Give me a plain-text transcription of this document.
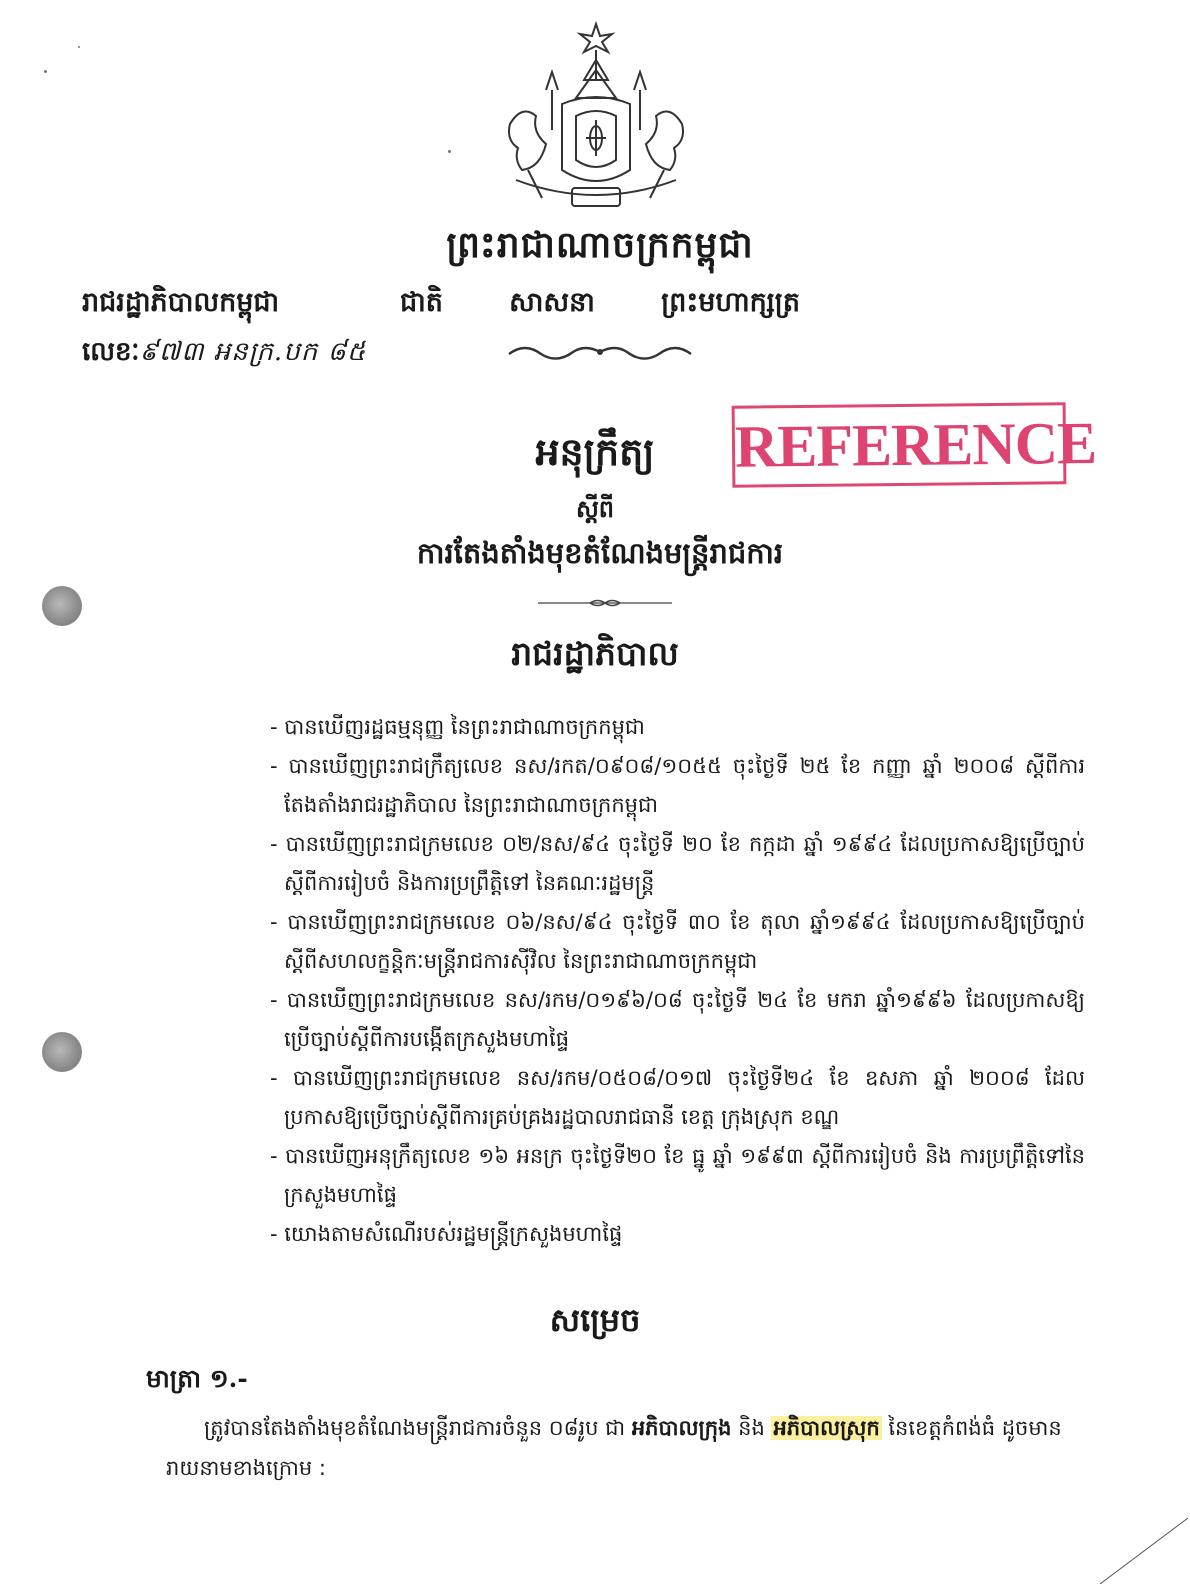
ព្រះរាជាណាចក្រកម្ពុជា
រាជរដ្ឋាភិបាលកម្ពុជា
លេខៈ៩៧៣ អនក្រ.បក ៨៥
ជាតិ សាសនា ព្រះមហាក្សត្រ
អនុក្រឹត្យ	REFERENCE
ស្តីពី
ការតែងតាំងមុខតំណែងមន្ត្រីរាជការ
រាជរដ្ឋាភិបាល
- បានឃើញរដ្ឋធម្មនុញ្ញ នៃព្រះរាជាណាចក្រកម្ពុជា
- បានឃើញព្រះរាជក្រឹត្យលេខ នស/រកត/០៩០៨/១០៥៥ ចុះថ្ងៃទី ២៥ ខែ កញ្ញា ឆ្នាំ ២០០៨ ស្តីពីការតែងតាំងរាជរដ្ឋាភិបាល នៃព្រះរាជាណាចក្រកម្ពុជា
- បានឃើញព្រះរាជក្រមលេខ ០២/នស/៩៤ ចុះថ្ងៃទី ២០ ខែ កក្កដា ឆ្នាំ ១៩៩៤ ដែលប្រកាសឱ្យប្រើច្បាប់ស្តីពីការរៀបចំ និងការប្រព្រឹត្តិទៅ នៃគណៈរដ្ឋមន្ត្រី
- បានឃើញព្រះរាជក្រមលេខ ០៦/នស/៩៤ ចុះថ្ងៃទី ៣០ ខែ តុលា ឆ្នាំ១៩៩៤ ដែលប្រកាសឱ្យប្រើច្បាប់ស្តីពីសហលក្ខន្តិកៈមន្ត្រីរាជការស៊ីវិល នៃព្រះរាជាណាចក្រកម្ពុជា
- បានឃើញព្រះរាជក្រមលេខ នស/រកម/០១៩៦/០៨ ចុះថ្ងៃទី ២៤ ខែ មករា ឆ្នាំ១៩៩៦ ដែលប្រកាសឱ្យប្រើច្បាប់ស្តីពីការបង្កើតក្រសួងមហាផ្ទៃ
- បានឃើញព្រះរាជក្រមលេខ នស/រកម/០៥០៨/០១៧ ចុះថ្ងៃទី២៤ ខែ ឧសភា ឆ្នាំ ២០០៨ ដែលប្រកាសឱ្យប្រើច្បាប់ស្តីពីការគ្រប់គ្រងរដ្ឋបាលរាជធានី ខេត្ត ក្រុងស្រុក ខណ្ឌ
- បានឃើញអនុក្រឹត្យលេខ ១៦ អនក្រ ចុះថ្ងៃទី២០ ខែ ធ្នូ ឆ្នាំ ១៩៩៣ ស្តីពីការរៀបចំ និង ការប្រព្រឹត្តិទៅនៃក្រសួងមហាផ្ទៃ
- យោងតាមសំណើរបស់រដ្ឋមន្ត្រីក្រសួងមហាផ្ទៃ
សម្រេច
មាត្រា ១.-
ត្រូវបានតែងតាំងមុខតំណែងមន្ត្រីរាជការចំនួន ០៨រូប ជា អភិបាលក្រុង និង អភិបាលស្រុក នៃខេត្តកំពង់ធំ ដូចមានរាយនាមខាងក្រោម :
